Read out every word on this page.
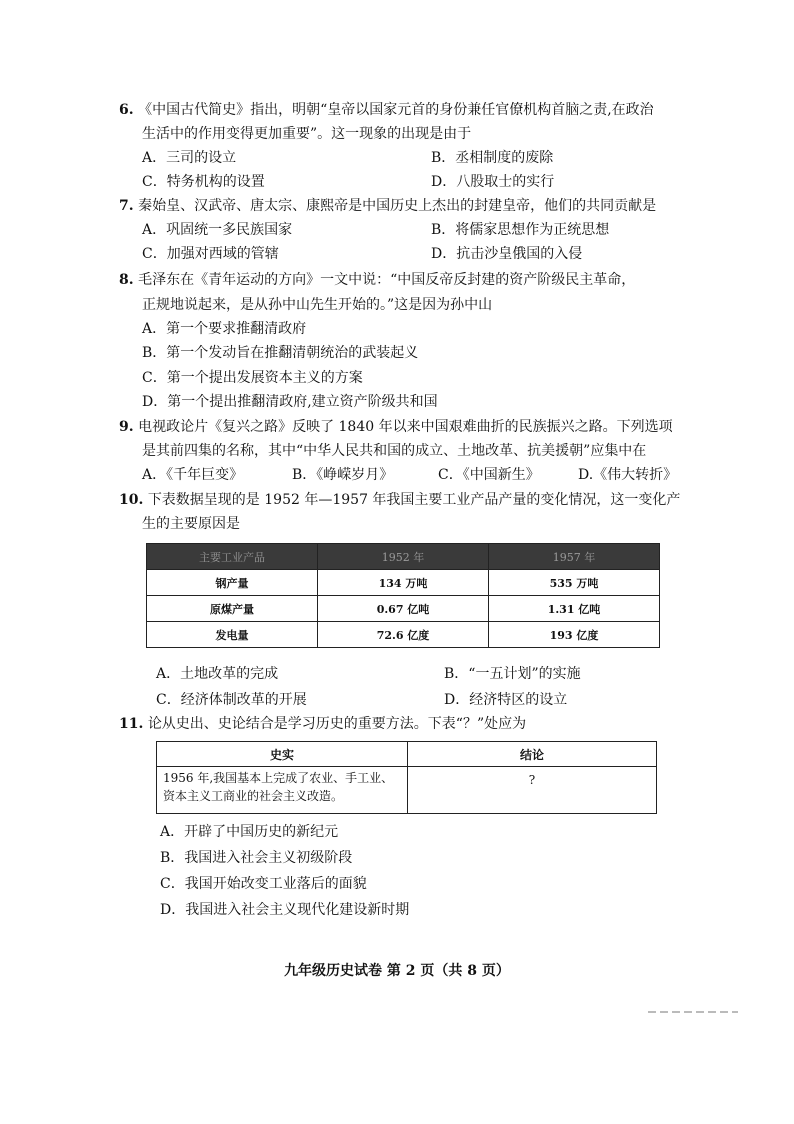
6. 《中国古代简史》指出，明朝“皇帝以国家元首的身份兼任官僚机构首脑之责,在政治
生活中的作用变得更加重要”。这一现象的出现是由于
A．三司的设立	B．丞相制度的废除
C．特务机构的设置	D．八股取士的实行
7. 秦始皇、汉武帝、唐太宗、康熙帝是中国历史上杰出的封建皇帝，他们的共同贡献是
A．巩固统一多民族国家	B．将儒家思想作为正统思想
C．加强对西域的管辖	D．抗击沙皇俄国的入侵
8. 毛泽东在《青年运动的方向》一文中说：“中国反帝反封建的资产阶级民主革命，
正规地说起来，是从孙中山先生开始的。”这是因为孙中山
A．第一个要求推翻清政府
B．第一个发动旨在推翻清朝统治的武装起义
C．第一个提出发展资本主义的方案
D．第一个提出推翻清政府,建立资产阶级共和国
9. 电视政论片《复兴之路》反映了 1840 年以来中国艰难曲折的民族振兴之路。下列选项
是其前四集的名称，其中“中华人民共和国的成立、土地改革、抗美援朝”应集中在
A．《千年巨变》	B．《峥嵘岁月》	C．《中国新生》	D.《伟大转折》
10. 下表数据呈现的是 1952 年—1957 年我国主要工业产品产量的变化情况，这一变化产
生的主要原因是
主要工业产品	1952 年	1957 年
钢产量	134 万吨	535 万吨
原煤产量	0.67 亿吨	1.31 亿吨
发电量	72.6 亿度	193 亿度
A．土地改革的完成	B．“一五计划”的实施
C．经济体制改革的开展	D．经济特区的设立
11. 论从史出、史论结合是学习历史的重要方法。下表“？”处应为
史实	结论
1956 年,我国基本上完成了农业、手工业、资本主义工商业的社会主义改造。	?
A．开辟了中国历史的新纪元
B．我国进入社会主义初级阶段
C．我国开始改变工业落后的面貌
D．我国进入社会主义现代化建设新时期
九年级历史试卷 第 2 页（共 8 页）
